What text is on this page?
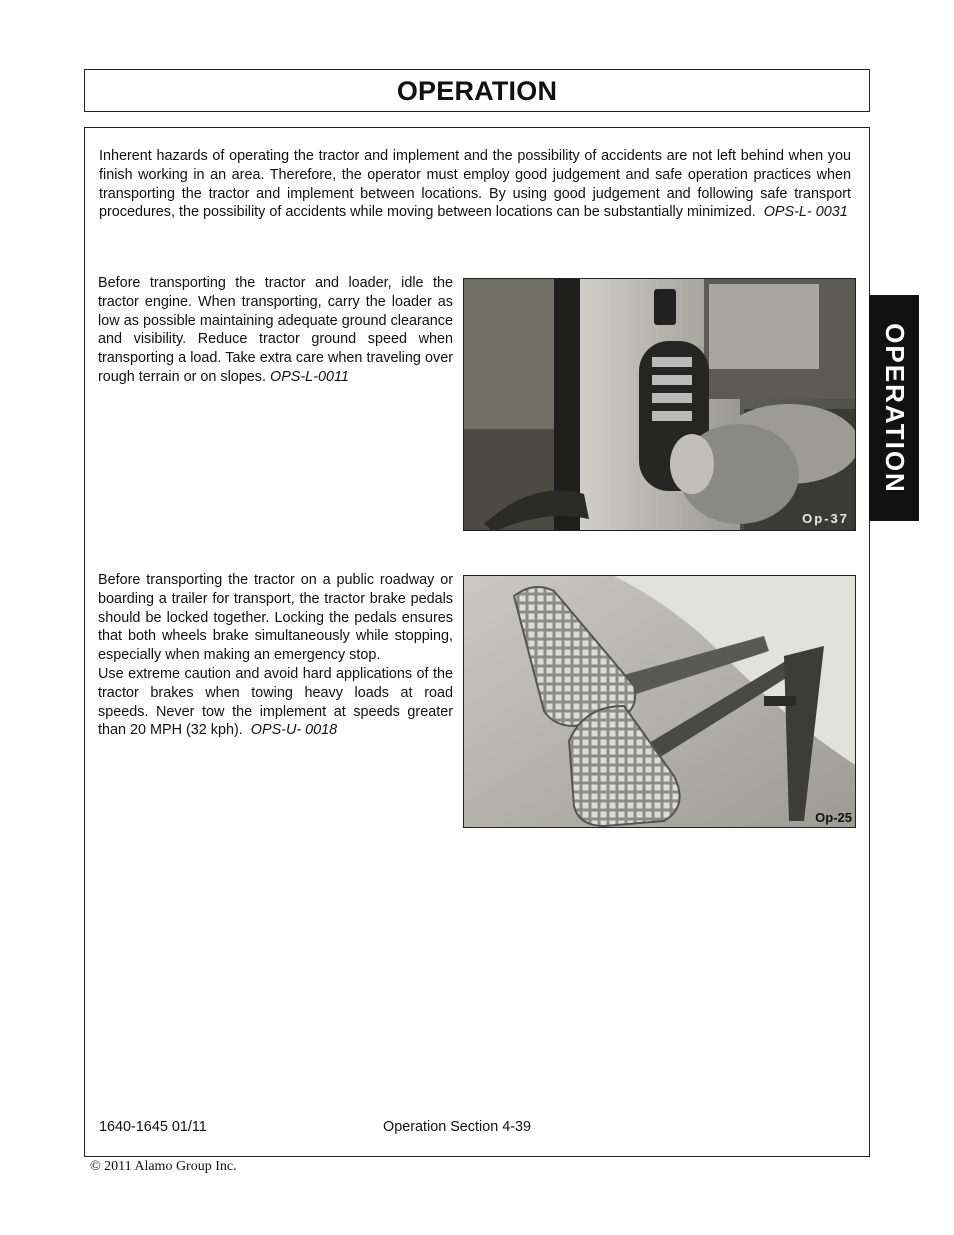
OPERATION
Inherent hazards of operating the tractor and implement and the possibility of accidents are not left behind when you finish working in an area. Therefore, the operator must employ good judgement and safe operation practices when transporting the tractor and implement between locations. By using good judgement and following safe transport procedures, the possibility of accidents while moving between locations can be substantially minimized. OPS-L- 0031
Before transporting the tractor and loader, idle the tractor engine. When transporting, carry the loader as low as possible maintaining adequate ground clearance and visibility. Reduce tractor ground speed when transporting a load. Take extra care when traveling over rough terrain or on slopes. OPS-L-0011
Op-37

Before transporting the tractor on a public roadway or boarding a trailer for transport, the tractor brake pedals should be locked together. Locking the pedals ensures that both wheels brake simultaneously while stopping, especially when making an emergency stop.

Use extreme caution and avoid hard applications of the tractor brakes when towing heavy loads at road speeds. Never tow the implement at speeds greater than 20 MPH (32 kph). OPS-U- 0018

Op-25
OPERATION
1640-1645 01/11	Operation Section 4-39
© 2011 Alamo Group Inc.
